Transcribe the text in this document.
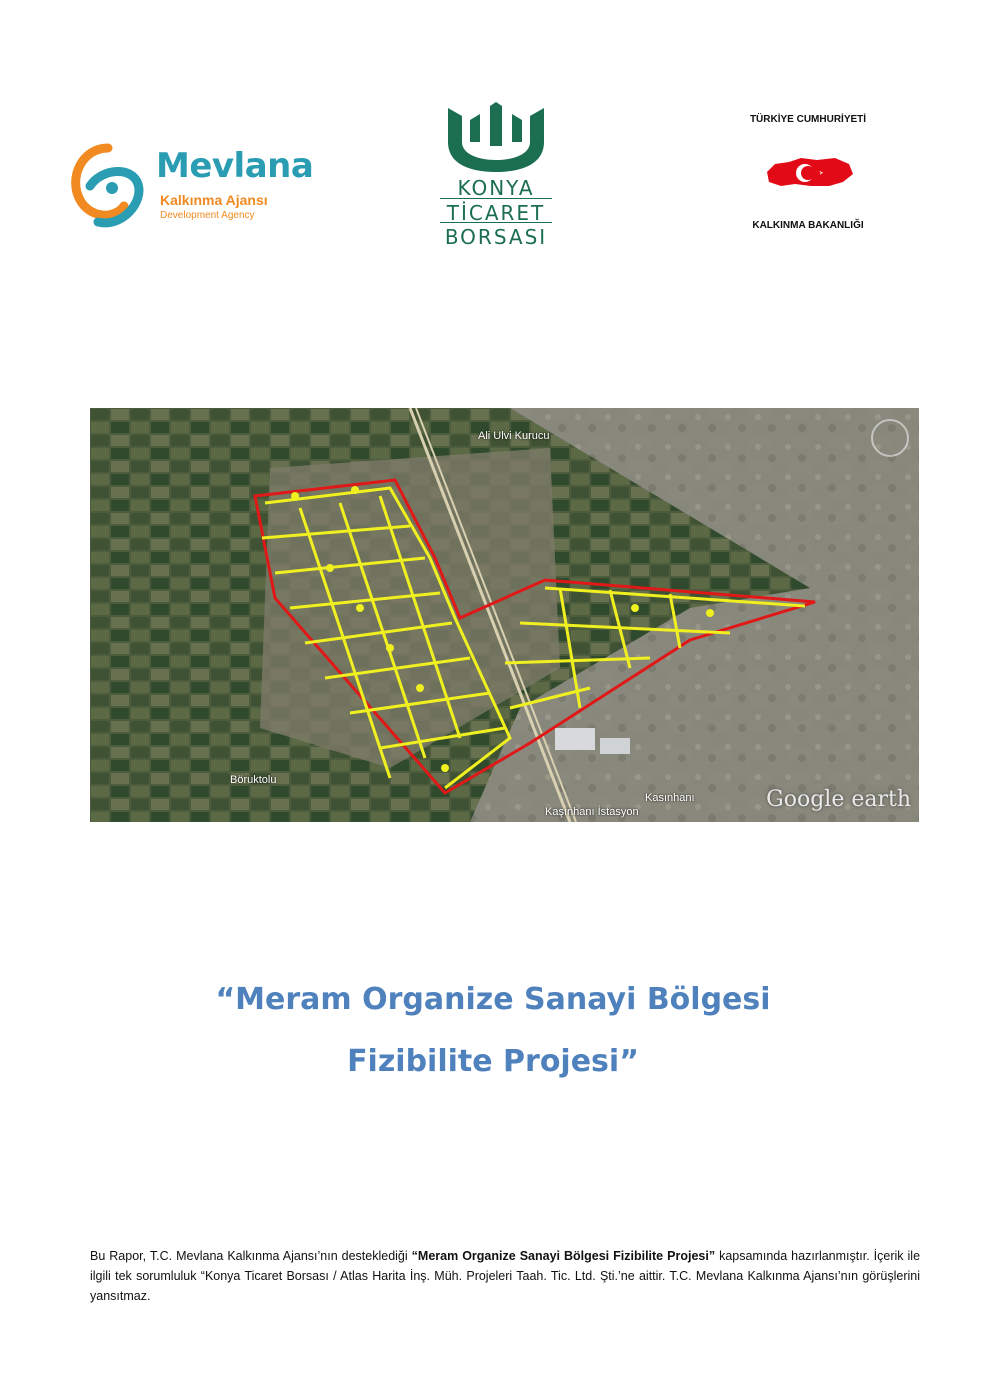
Mevlana
Kalkınma Ajansı
Development Agency
KONYA
TİCARET
BORSASI
TÜRKİYE CUMHURİYETİ
KALKINMA BAKANLIĞI
Ali Ulvi Kurucu
Böruktolu
Kasınhanı
Kaşınhanı İstasyon	Google earth
“Meram Organize Sanayi Bölgesi
Fizibilite Projesi”
Bu Rapor, T.C. Mevlana Kalkınma Ajansı’nın desteklediği “Meram Organize Sanayi Bölgesi Fizibilite Projesi” kapsamında hazırlanmıştır. İçerik ile ilgili tek sorumluluk “Konya Ticaret Borsası / Atlas Harita İnş. Müh. Projeleri Taah. Tic. Ltd. Şti.’ne aittir. T.C. Mevlana Kalkınma Ajansı’nın görüşlerini yansıtmaz.
